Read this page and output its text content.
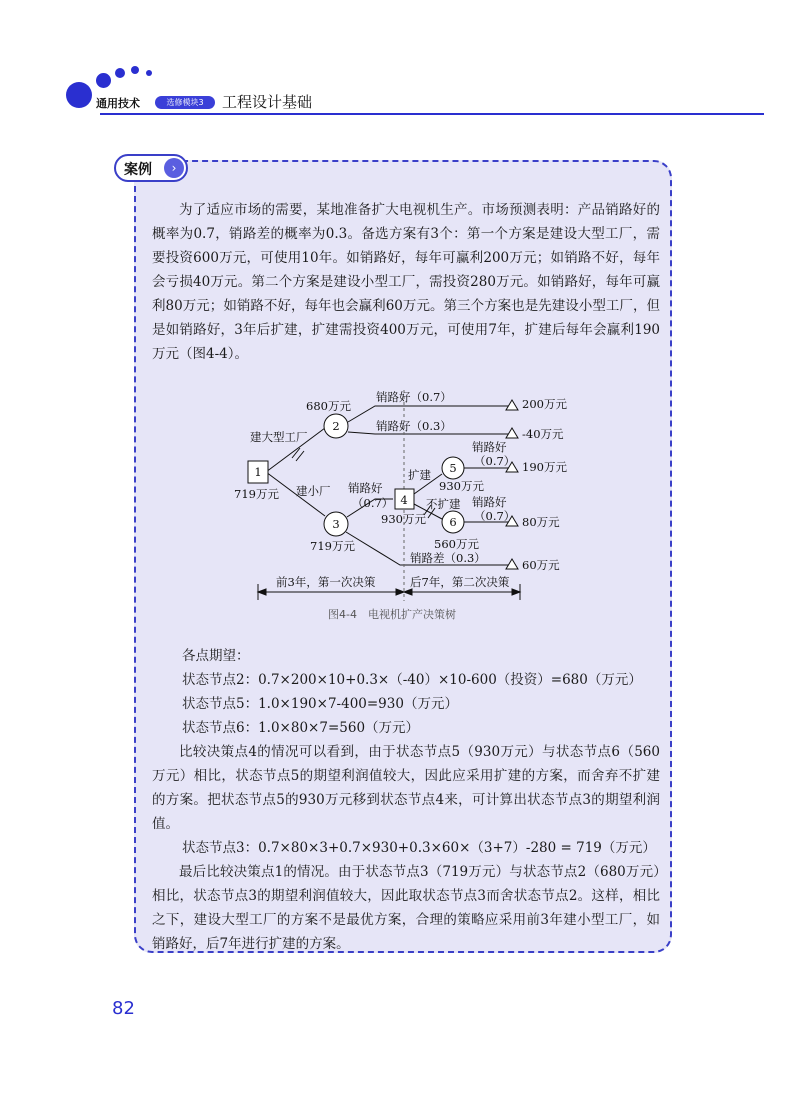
通用技术	选修模块3	工程设计基础
案例	›

为了适应市场的需要，某地准备扩大电视机生产。市场预测表明：产品销路好的概率为0.7，销路差的概率为0.3。备选方案有3个：第一个方案是建设大型工厂，需要投资600万元，可使用10年。如销路好，每年可赢利200万元；如销路不好，每年会亏损40万元。第二个方案是建设小型工厂，需投资280万元。如销路好，每年可赢利80万元；如销路不好，每年也会赢利60万元。第三个方案也是先建设小型工厂，但是如销路好，3年后扩建，扩建需投资400万元，可使用7年，扩建后每年会赢利190万元（图4-4）。

1
2
3
4
5
6
719万元
680万元
719万元
930万元
930万元
560万元
建大型工厂
建小厂
销路好（0.7）
销路好（0.3）
销路好
（0.7）
扩建
不扩建
销路好
（0.7）
销路好
（0.7）
销路差（0.3）
200万元
-40万元
190万元
80万元
60万元
前3年，第一次决策	后7年，第二次决策
图4-4　电视机扩产决策树
各点期望：
状态节点2：0.7×200×10+0.3×（-40）×10-600（投资）=680（万元）
状态节点5：1.0×190×7-400=930（万元）
状态节点6：1.0×80×7=560（万元）

比较决策点4的情况可以看到，由于状态节点5（930万元）与状态节点6（560万元）相比，状态节点5的期望利润值较大，因此应采用扩建的方案，而舍弃不扩建的方案。把状态节点5的930万元移到状态节点4来，可计算出状态节点3的期望利润值。

状态节点3：0.7×80×3+0.7×930+0.3×60×（3+7）-280 = 719（万元）

最后比较决策点1的情况。由于状态节点3（719万元）与状态节点2（680万元）相比，状态节点3的期望利润值较大，因此取状态节点3而舍状态节点2。这样，相比之下，建设大型工厂的方案不是最优方案，合理的策略应采用前3年建小型工厂，如销路好，后7年进行扩建的方案。

82
